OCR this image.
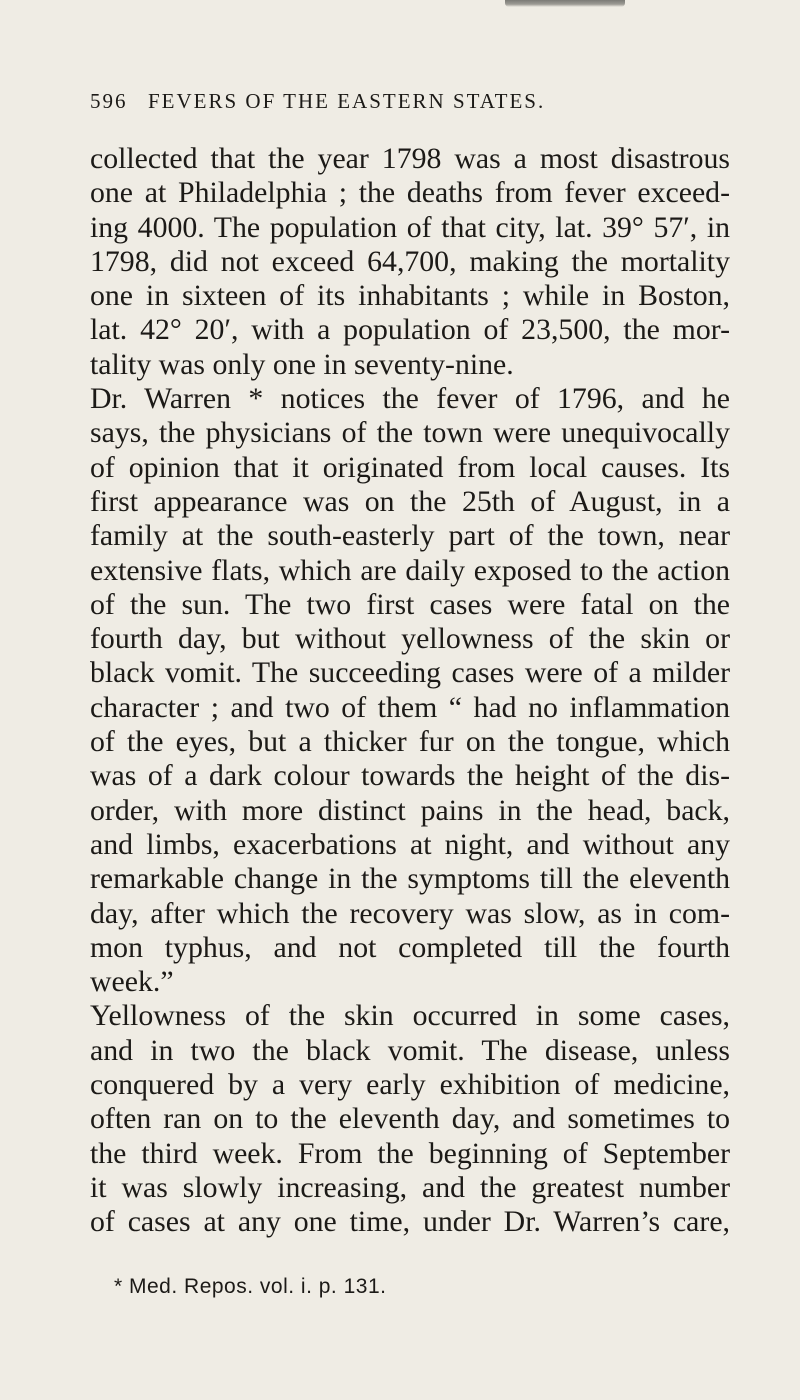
596 FEVERS OF THE EASTERN STATES.
collected that the year 1798 was a most disastrous
one at Philadelphia ; the deaths from fever exceed-
ing 4000. The population of that city, lat. 39° 57′, in
1798, did not exceed 64,700, making the mortality
one in sixteen of its inhabitants ; while in Boston,
lat. 42° 20′, with a population of 23,500, the mor-
tality was only one in seventy-nine.
Dr. Warren * notices the fever of 1796, and he
says, the physicians of the town were unequivocally
of opinion that it originated from local causes. Its
first appearance was on the 25th of August, in a
family at the south-easterly part of the town, near
extensive flats, which are daily exposed to the action
of the sun. The two first cases were fatal on the
fourth day, but without yellowness of the skin or
black vomit. The succeeding cases were of a milder
character ; and two of them “ had no inflammation
of the eyes, but a thicker fur on the tongue, which
was of a dark colour towards the height of the dis-
order, with more distinct pains in the head, back,
and limbs, exacerbations at night, and without any
remarkable change in the symptoms till the eleventh
day, after which the recovery was slow, as in com-
mon typhus, and not completed till the fourth
week.”
Yellowness of the skin occurred in some cases,
and in two the black vomit. The disease, unless
conquered by a very early exhibition of medicine,
often ran on to the eleventh day, and sometimes to
the third week. From the beginning of September
it was slowly increasing, and the greatest number
of cases at any one time, under Dr. Warren’s care,
* Med. Repos. vol. i. p. 131.
